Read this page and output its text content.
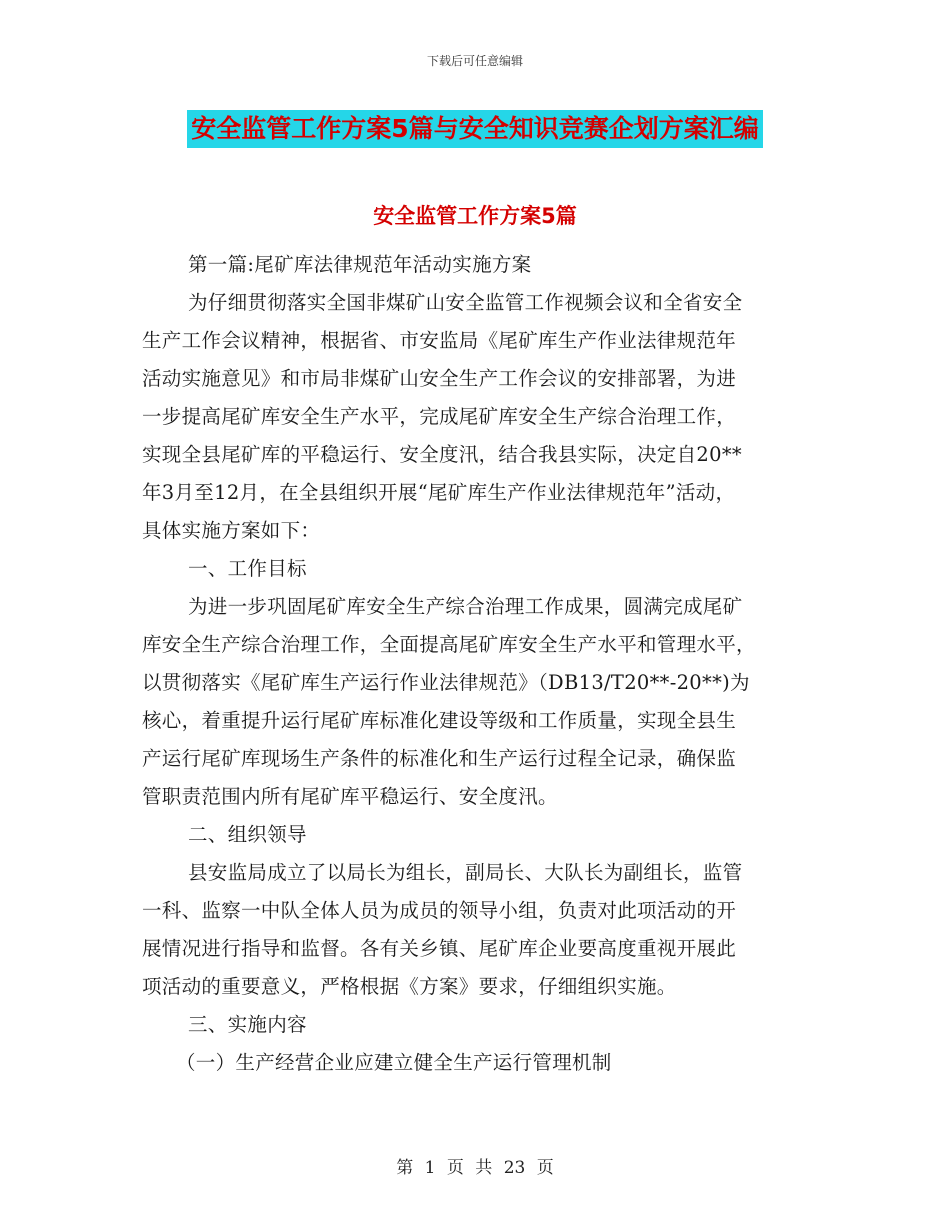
下载后可任意编辑
安全监管工作方案5篇与安全知识竞赛企划方案汇编
安全监管工作方案5篇
第一篇:尾矿库法律规范年活动实施方案
为仔细贯彻落实全国非煤矿山安全监管工作视频会议和全省安全
生产工作会议精神，根据省、市安监局《尾矿库生产作业法律规范年
活动实施意见》和市局非煤矿山安全生产工作会议的安排部署，为进
一步提高尾矿库安全生产水平，完成尾矿库安全生产综合治理工作，
实现全县尾矿库的平稳运行、安全度汛，结合我县实际，决定自20**
年3月至12月，在全县组织开展“尾矿库生产作业法律规范年”活动，
具体实施方案如下：
一、工作目标
为进一步巩固尾矿库安全生产综合治理工作成果，圆满完成尾矿
库安全生产综合治理工作，全面提高尾矿库安全生产水平和管理水平，
以贯彻落实《尾矿库生产运行作业法律规范》（DB13/T20**-20**)为
核心，着重提升运行尾矿库标准化建设等级和工作质量，实现全县生
产运行尾矿库现场生产条件的标准化和生产运行过程全记录，确保监
管职责范围内所有尾矿库平稳运行、安全度汛。
二、组织领导
县安监局成立了以局长为组长，副局长、大队长为副组长，监管
一科、监察一中队全体人员为成员的领导小组，负责对此项活动的开
展情况进行指导和监督。各有关乡镇、尾矿库企业要高度重视开展此
项活动的重要意义，严格根据《方案》要求，仔细组织实施。
三、实施内容
（一）生产经营企业应建立健全生产运行管理机制
第 1 页 共 23 页
